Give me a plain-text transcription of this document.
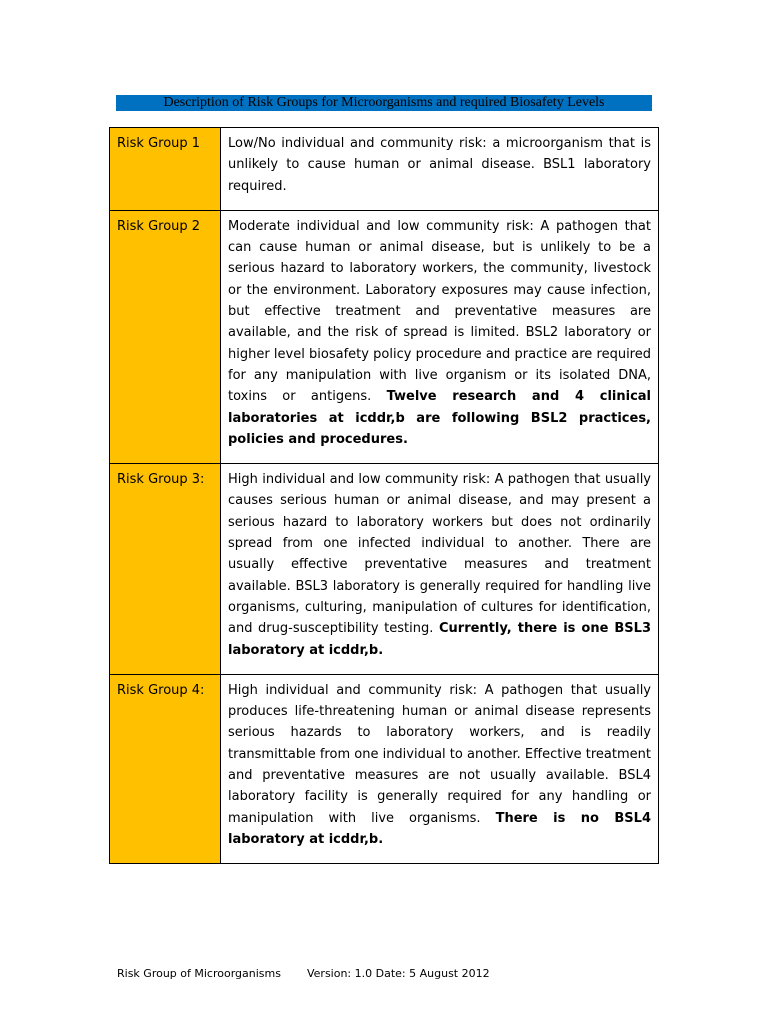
Description of Risk Groups for Microorganisms and required Biosafety Levels
Risk Group 1	Low/No individual and community risk: a microorganism that is unlikely to cause human or animal disease. BSL1 laboratory required.
Risk Group 2	Moderate individual and low community risk: A pathogen that can cause human or animal disease, but is unlikely to be a serious hazard to laboratory workers, the community, livestock or the environment. Laboratory exposures may cause infection, but effective treatment and preventative measures are available, and the risk of spread is limited. BSL2 laboratory or higher level biosafety policy procedure and practice are required for any manipulation with live organism or its isolated DNA, toxins or antigens. Twelve research and 4 clinical laboratories at icddr,b are following BSL2 practices, policies and procedures.
Risk Group 3:	High individual and low community risk: A pathogen that usually causes serious human or animal disease, and may present a serious hazard to laboratory workers but does not ordinarily spread from one infected individual to another. There are usually effective preventative measures and treatment available. BSL3 laboratory is generally required for handling live organisms, culturing, manipulation of cultures for identification, and drug-susceptibility testing. Currently, there is one BSL3 laboratory at icddr,b.
Risk Group 4:	High individual and community risk: A pathogen that usually produces life-threatening human or animal disease represents serious hazards to laboratory workers, and is readily transmittable from one individual to another. Effective treatment and preventative measures are not usually available. BSL4 laboratory facility is generally required for any handling or manipulation with live organisms. There is no BSL4 laboratory at icddr,b.
Risk Group of Microorganisms Version: 1.0 Date: 5 August 2012
